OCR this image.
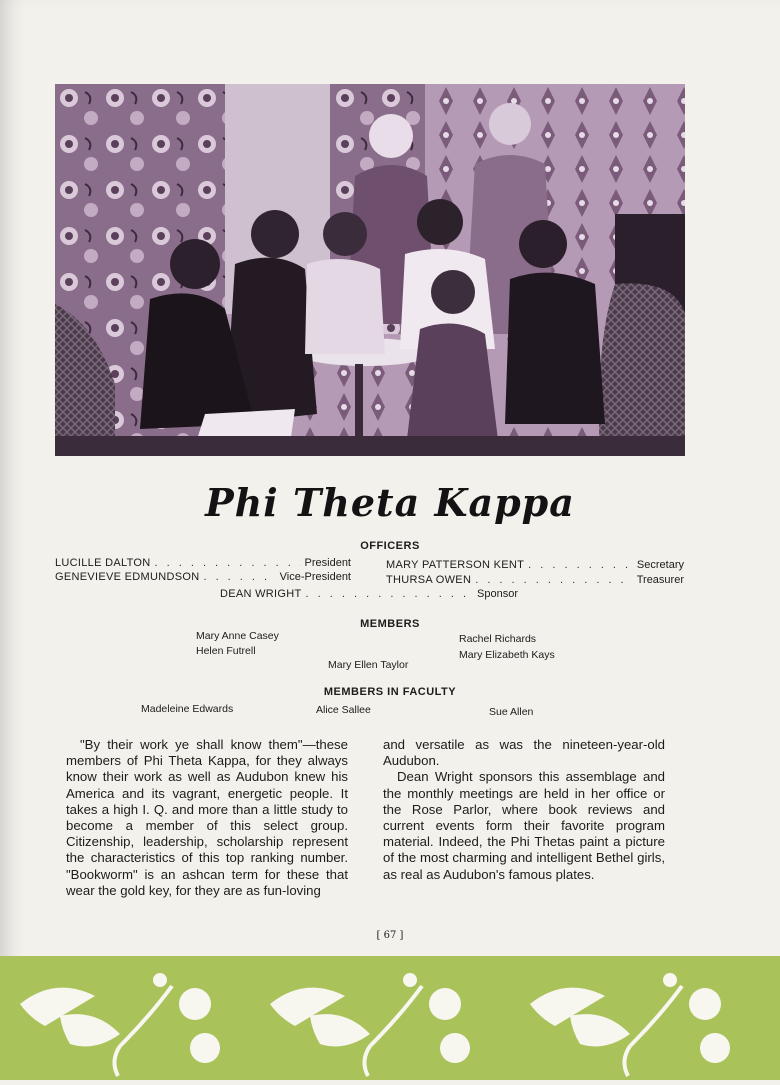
Phi Theta Kappa
OFFICERS
LUCILLE DALTON . . .	President
GENEVIEVE EDMUNDSON . . .	Vice-President
MARY PATTERSON KENT . . .	Secretary
THURSA OWEN . . .	Treasurer
DEAN WRIGHT . . .	Sponsor
MEMBERS
Mary Anne Casey
Helen Futrell
Mary Ellen Taylor
Rachel Richards
Mary Elizabeth Kays
MEMBERS IN FACULTY
Madeleine Edwards	Alice Sallee	Sue Allen

"By their work ye shall know them"—these members of Phi Theta Kappa, for they always know their work as well as Audubon knew his America and its vagrant, energetic people. It takes a high I. Q. and more than a little study to become a member of this select group. Citizenship, leadership, scholarship represent the characteristics of this top ranking number. "Bookworm" is an ashcan term for these that wear the gold key, for they are as fun-loving

and versatile as was the nineteen-year-old Audubon.

Dean Wright sponsors this assemblage and the monthly meetings are held in her office or the Rose Parlor, where book reviews and current events form their favorite program material. Indeed, the Phi Thetas paint a picture of the most charming and intelligent Bethel girls, as real as Audubon's famous plates.

[ 67 ]
